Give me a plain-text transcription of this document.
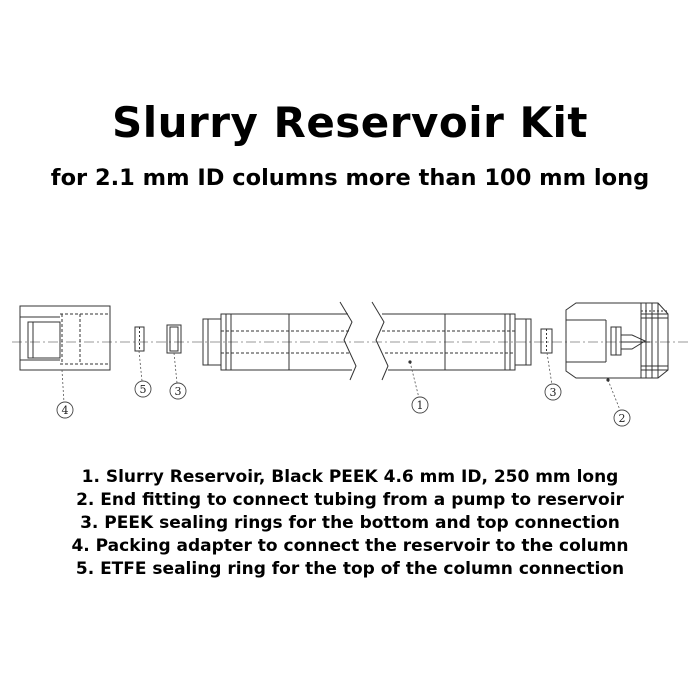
Slurry Reservoir Kit
for 2.1 mm ID columns more than 100 mm long
4
5	3
1
3
2
1. Slurry Reservoir, Black PEEK 4.6 mm ID, 250 mm long
2. End fitting to connect tubing from a pump to reservoir
3. PEEK sealing rings for the bottom and top connection
4. Packing adapter to connect the reservoir to the column
5. ETFE sealing ring for the top of the column connection
